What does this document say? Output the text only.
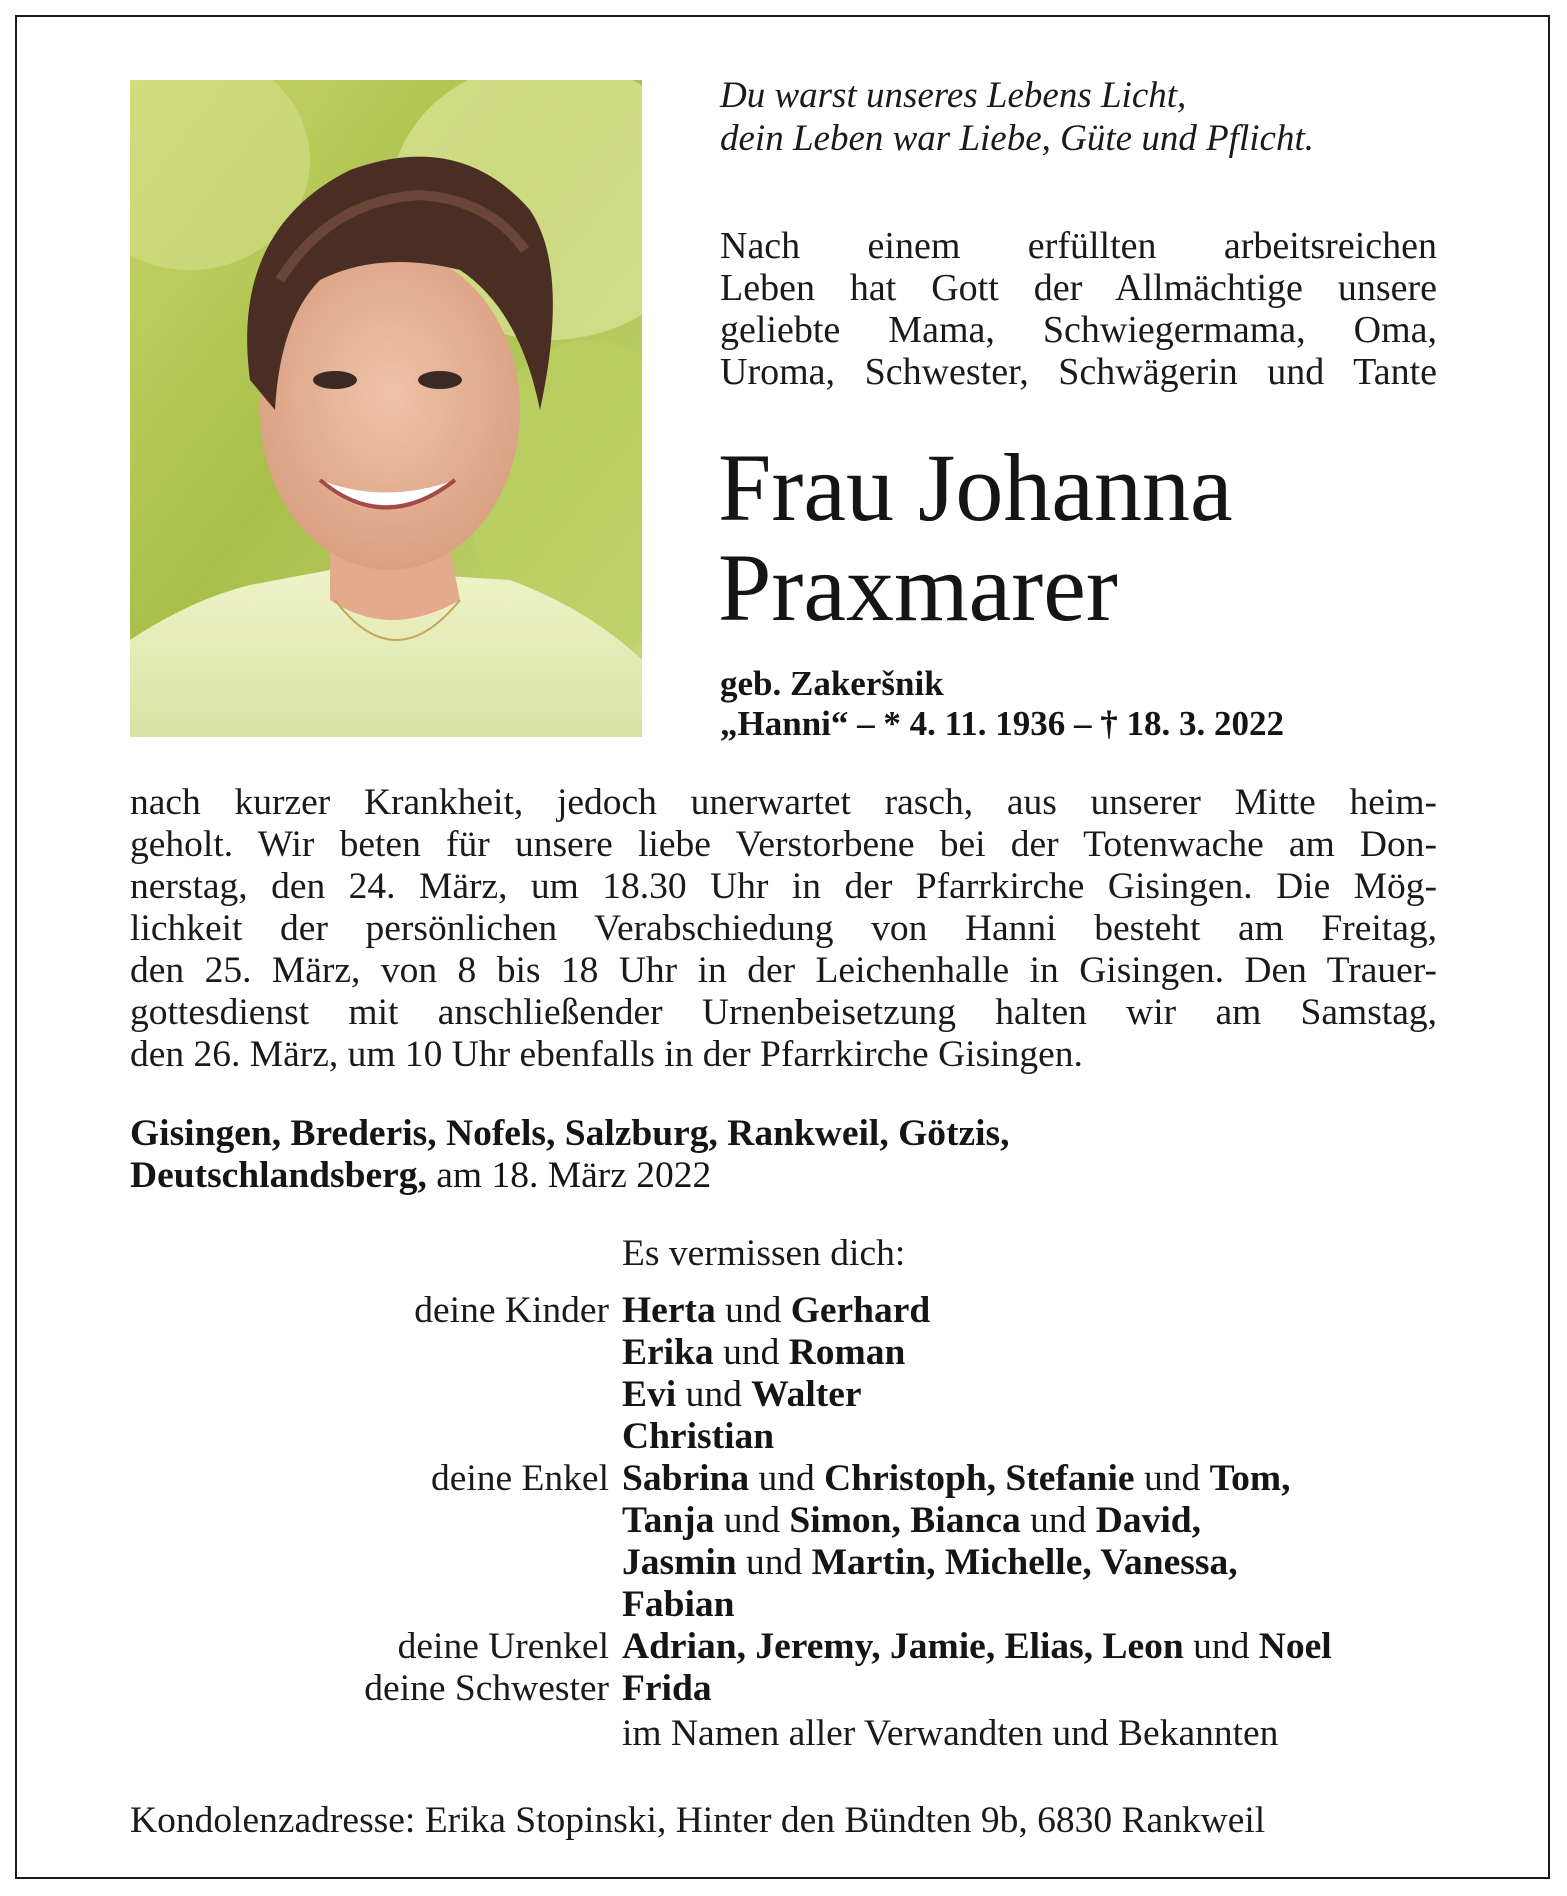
Du warst unseres Lebens Licht,
dein Leben war Liebe, Güte und Pflicht.
Nach einem erfüllten arbeitsreichen
Leben hat Gott der Allmächtige unsere
geliebte Mama, Schwiegermama, Oma,
Uroma, Schwester, Schwägerin und Tante
Frau Johanna
Praxmarer
geb. Zakeršnik
„Hanni“ – * 4. 11. 1936 – † 18. 3. 2022
nach kurzer Krankheit, jedoch unerwartet rasch, aus unserer Mitte heim-
geholt. Wir beten für unsere liebe Verstorbene bei der Totenwache am Don-
nerstag, den 24. März, um 18.30 Uhr in der Pfarrkirche Gisingen. Die Mög-
lichkeit der persönlichen Verabschiedung von Hanni besteht am Freitag,
den 25. März, von 8 bis 18 Uhr in der Leichenhalle in Gisingen. Den Trauer-
gottesdienst mit anschließender Urnenbeisetzung halten wir am Samstag,
den 26. März, um 10 Uhr ebenfalls in der Pfarrkirche Gisingen.
Gisingen, Brederis, Nofels, Salzburg, Rankweil, Götzis,
Deutschlandsberg, am 18. März 2022
Es vermissen dich:
deine Kinder Herta und Gerhard
Erika und Roman
Evi und Walter
Christian
deine Enkel Sabrina und Christoph, Stefanie und Tom,
Tanja und Simon, Bianca und David,
Jasmin und Martin, Michelle, Vanessa,
Fabian
deine Urenkel Adrian, Jeremy, Jamie, Elias, Leon und Noel
deine Schwester Frida
im Namen aller Verwandten und Bekannten
Kondolenzadresse: Erika Stopinski, Hinter den Bündten 9b, 6830 Rankweil
